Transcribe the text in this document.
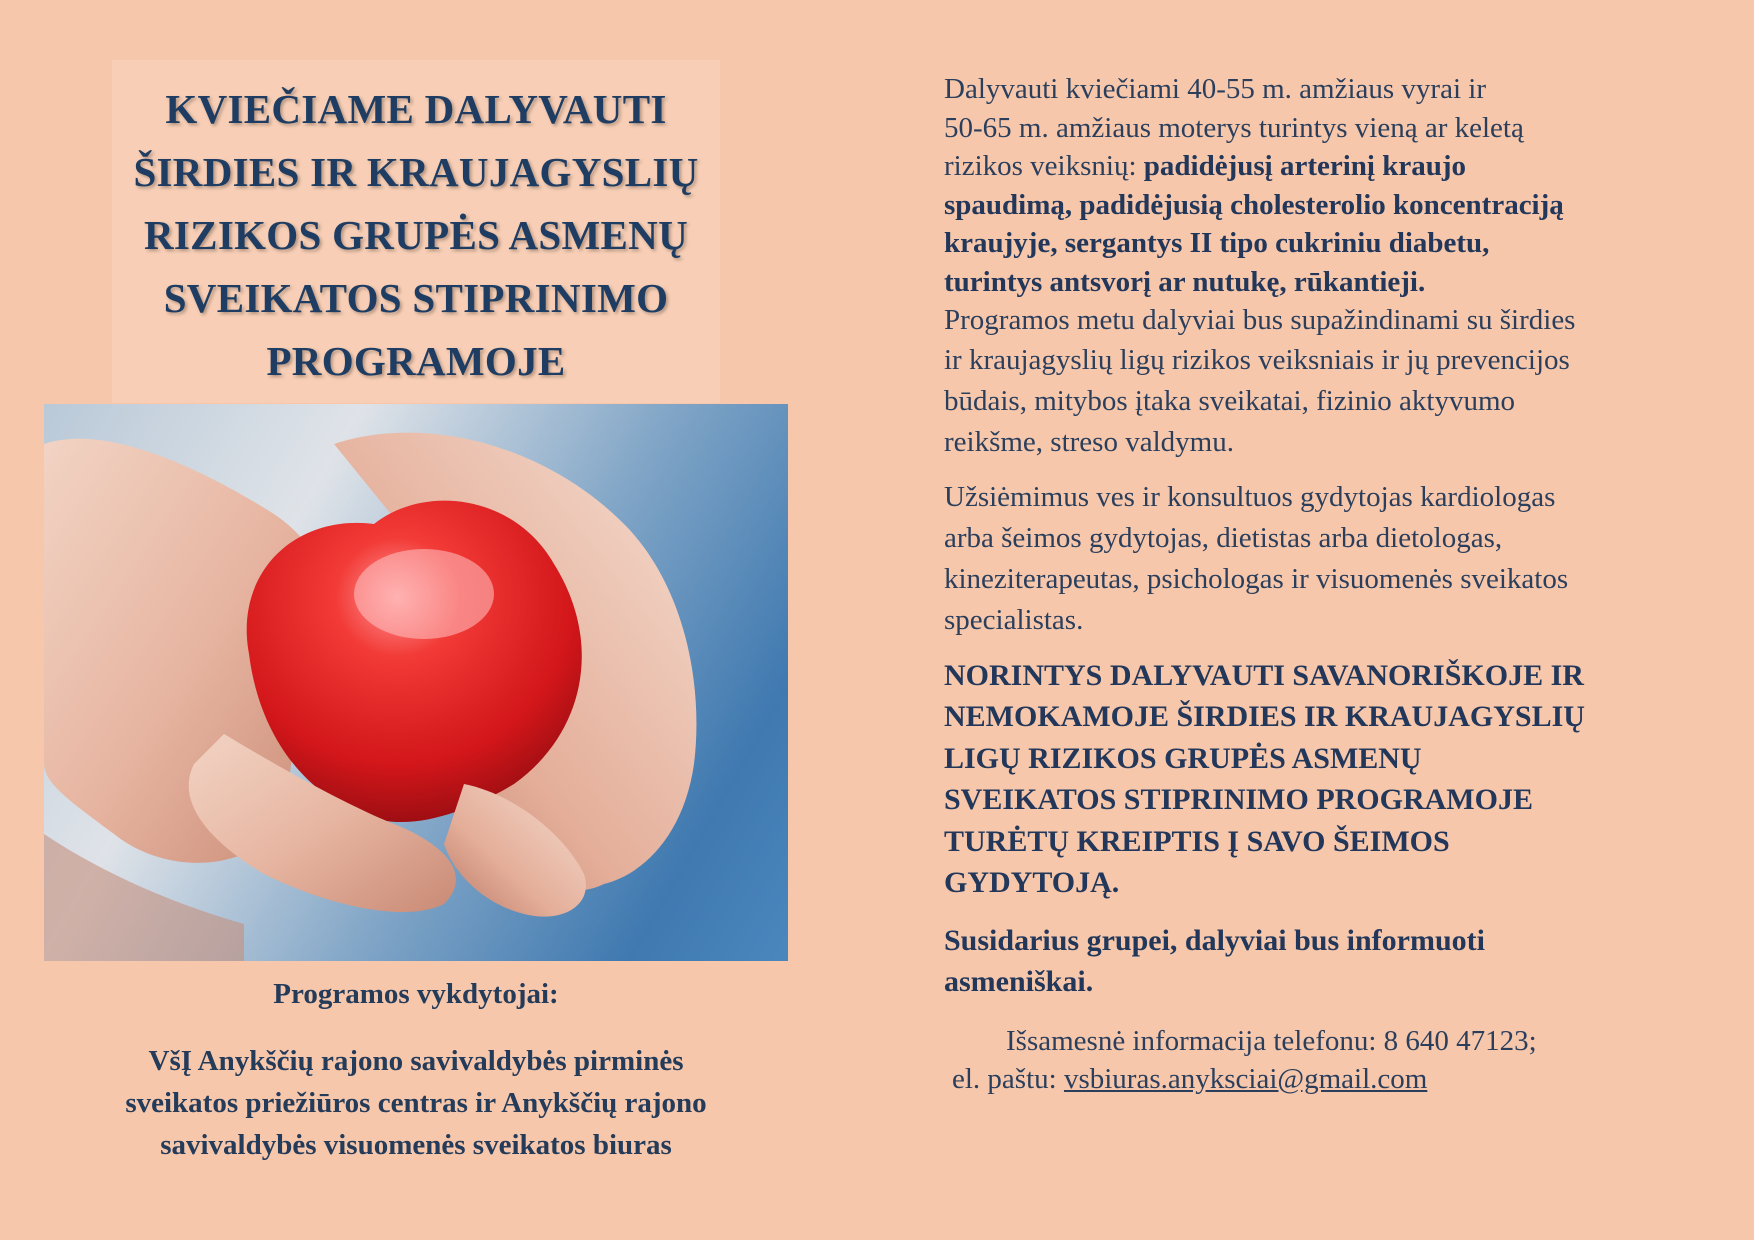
KVIEČIAME DALYVAUTI
ŠIRDIES IR KRAUJAGYSLIŲ
RIZIKOS GRUPĖS ASMENŲ
SVEIKATOS STIPRINIMO
PROGRAMOJE
Programos vykdytojai:
VšĮ Anykščių rajono savivaldybės pirminės
sveikatos priežiūros centras ir Anykščių rajono
savivaldybės visuomenės sveikatos biuras
Dalyvauti kviečiami 40-55 m. amžiaus vyrai ir
50-65 m. amžiaus moterys turintys vieną ar keletą
rizikos veiksnių: padidėjusį arterinį kraujo
spaudimą, padidėjusią cholesterolio koncentraciją
kraujyje, sergantys II tipo cukriniu diabetu,
turintys antsvorį ar nutukę, rūkantieji.
Programos metu dalyviai bus supažindinami su širdies
ir kraujagyslių ligų rizikos veiksniais ir jų prevencijos
būdais, mitybos įtaka sveikatai, fizinio aktyvumo
reikšme, streso valdymu.
Užsiėmimus ves ir konsultuos gydytojas kardiologas
arba šeimos gydytojas, dietistas arba dietologas,
kineziterapeutas, psichologas ir visuomenės sveikatos
specialistas.
NORINTYS DALYVAUTI SAVANORIŠKOJE IR
NEMOKAMOJE ŠIRDIES IR KRAUJAGYSLIŲ
LIGŲ RIZIKOS GRUPĖS ASMENŲ
SVEIKATOS STIPRINIMO PROGRAMOJE
TURĖTŲ KREIPTIS Į SAVO ŠEIMOS
GYDYTOJĄ.
Susidarius grupei, dalyviai bus informuoti
asmeniškai.
Išsamesnė informacija telefonu: 8 640 47123;
el. paštu: vsbiuras.anyksciai@gmail.com
